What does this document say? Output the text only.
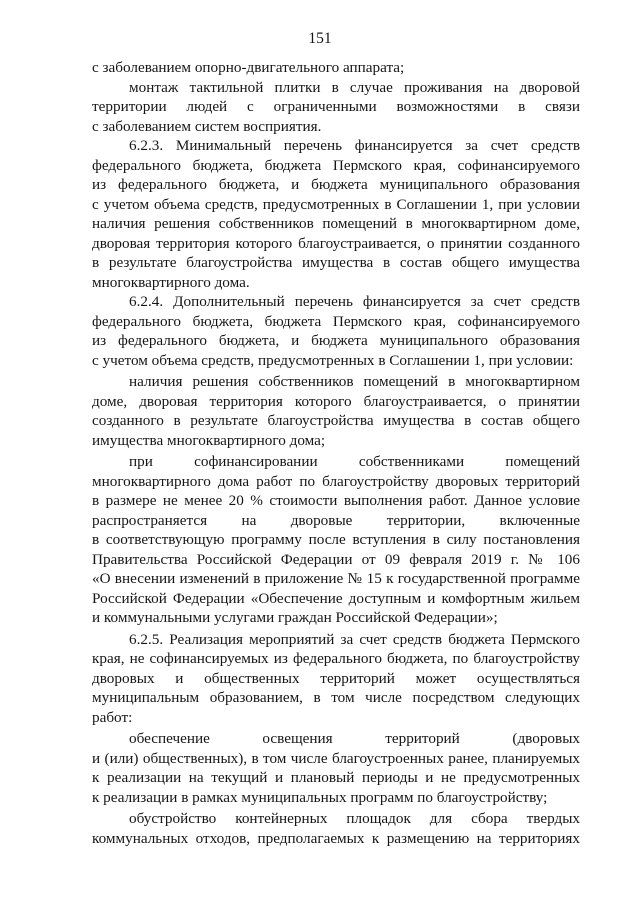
151
с заболеванием опорно-двигательного аппарата;
монтаж тактильной плитки в случае проживания на дворовой
территории людей с ограниченными возможностями в связи
с заболеванием систем восприятия.
6.2.3. Минимальный перечень финансируется за счет средств
федерального бюджета, бюджета Пермского края, софинансируемого
из федерального бюджета, и бюджета муниципального образования
с учетом объема средств, предусмотренных в Соглашении 1, при условии
наличия решения собственников помещений в многоквартирном доме,
дворовая территория которого благоустраивается, о принятии созданного
в результате благоустройства имущества в состав общего имущества
многоквартирного дома.
6.2.4. Дополнительный перечень финансируется за счет средств
федерального бюджета, бюджета Пермского края, софинансируемого
из федерального бюджета, и бюджета муниципального образования
с учетом объема средств, предусмотренных в Соглашении 1, при условии:
наличия решения собственников помещений в многоквартирном
доме, дворовая территория которого благоустраивается, о принятии
созданного в результате благоустройства имущества в состав общего
имущества многоквартирного дома;
при софинансировании собственниками помещений
многоквартирного дома работ по благоустройству дворовых территорий
в размере не менее 20 % стоимости выполнения работ. Данное условие
распространяется на дворовые территории, включенные
в соответствующую программу после вступления в силу постановления
Правительства Российской Федерации от 09 февраля 2019 г. № 106
«О внесении изменений в приложение № 15 к государственной программе
Российской Федерации «Обеспечение доступным и комфортным жильем
и коммунальными услугами граждан Российской Федерации»;
6.2.5. Реализация мероприятий за счет средств бюджета Пермского
края, не софинансируемых из федерального бюджета, по благоустройству
дворовых и общественных территорий может осуществляться
муниципальным образованием, в том числе посредством следующих
работ:
обеспечение освещения территорий (дворовых
и (или) общественных), в том числе благоустроенных ранее, планируемых
к реализации на текущий и плановый периоды и не предусмотренных
к реализации в рамках муниципальных программ по благоустройству;
обустройство контейнерных площадок для сбора твердых
коммунальных отходов, предполагаемых к размещению на территориях
